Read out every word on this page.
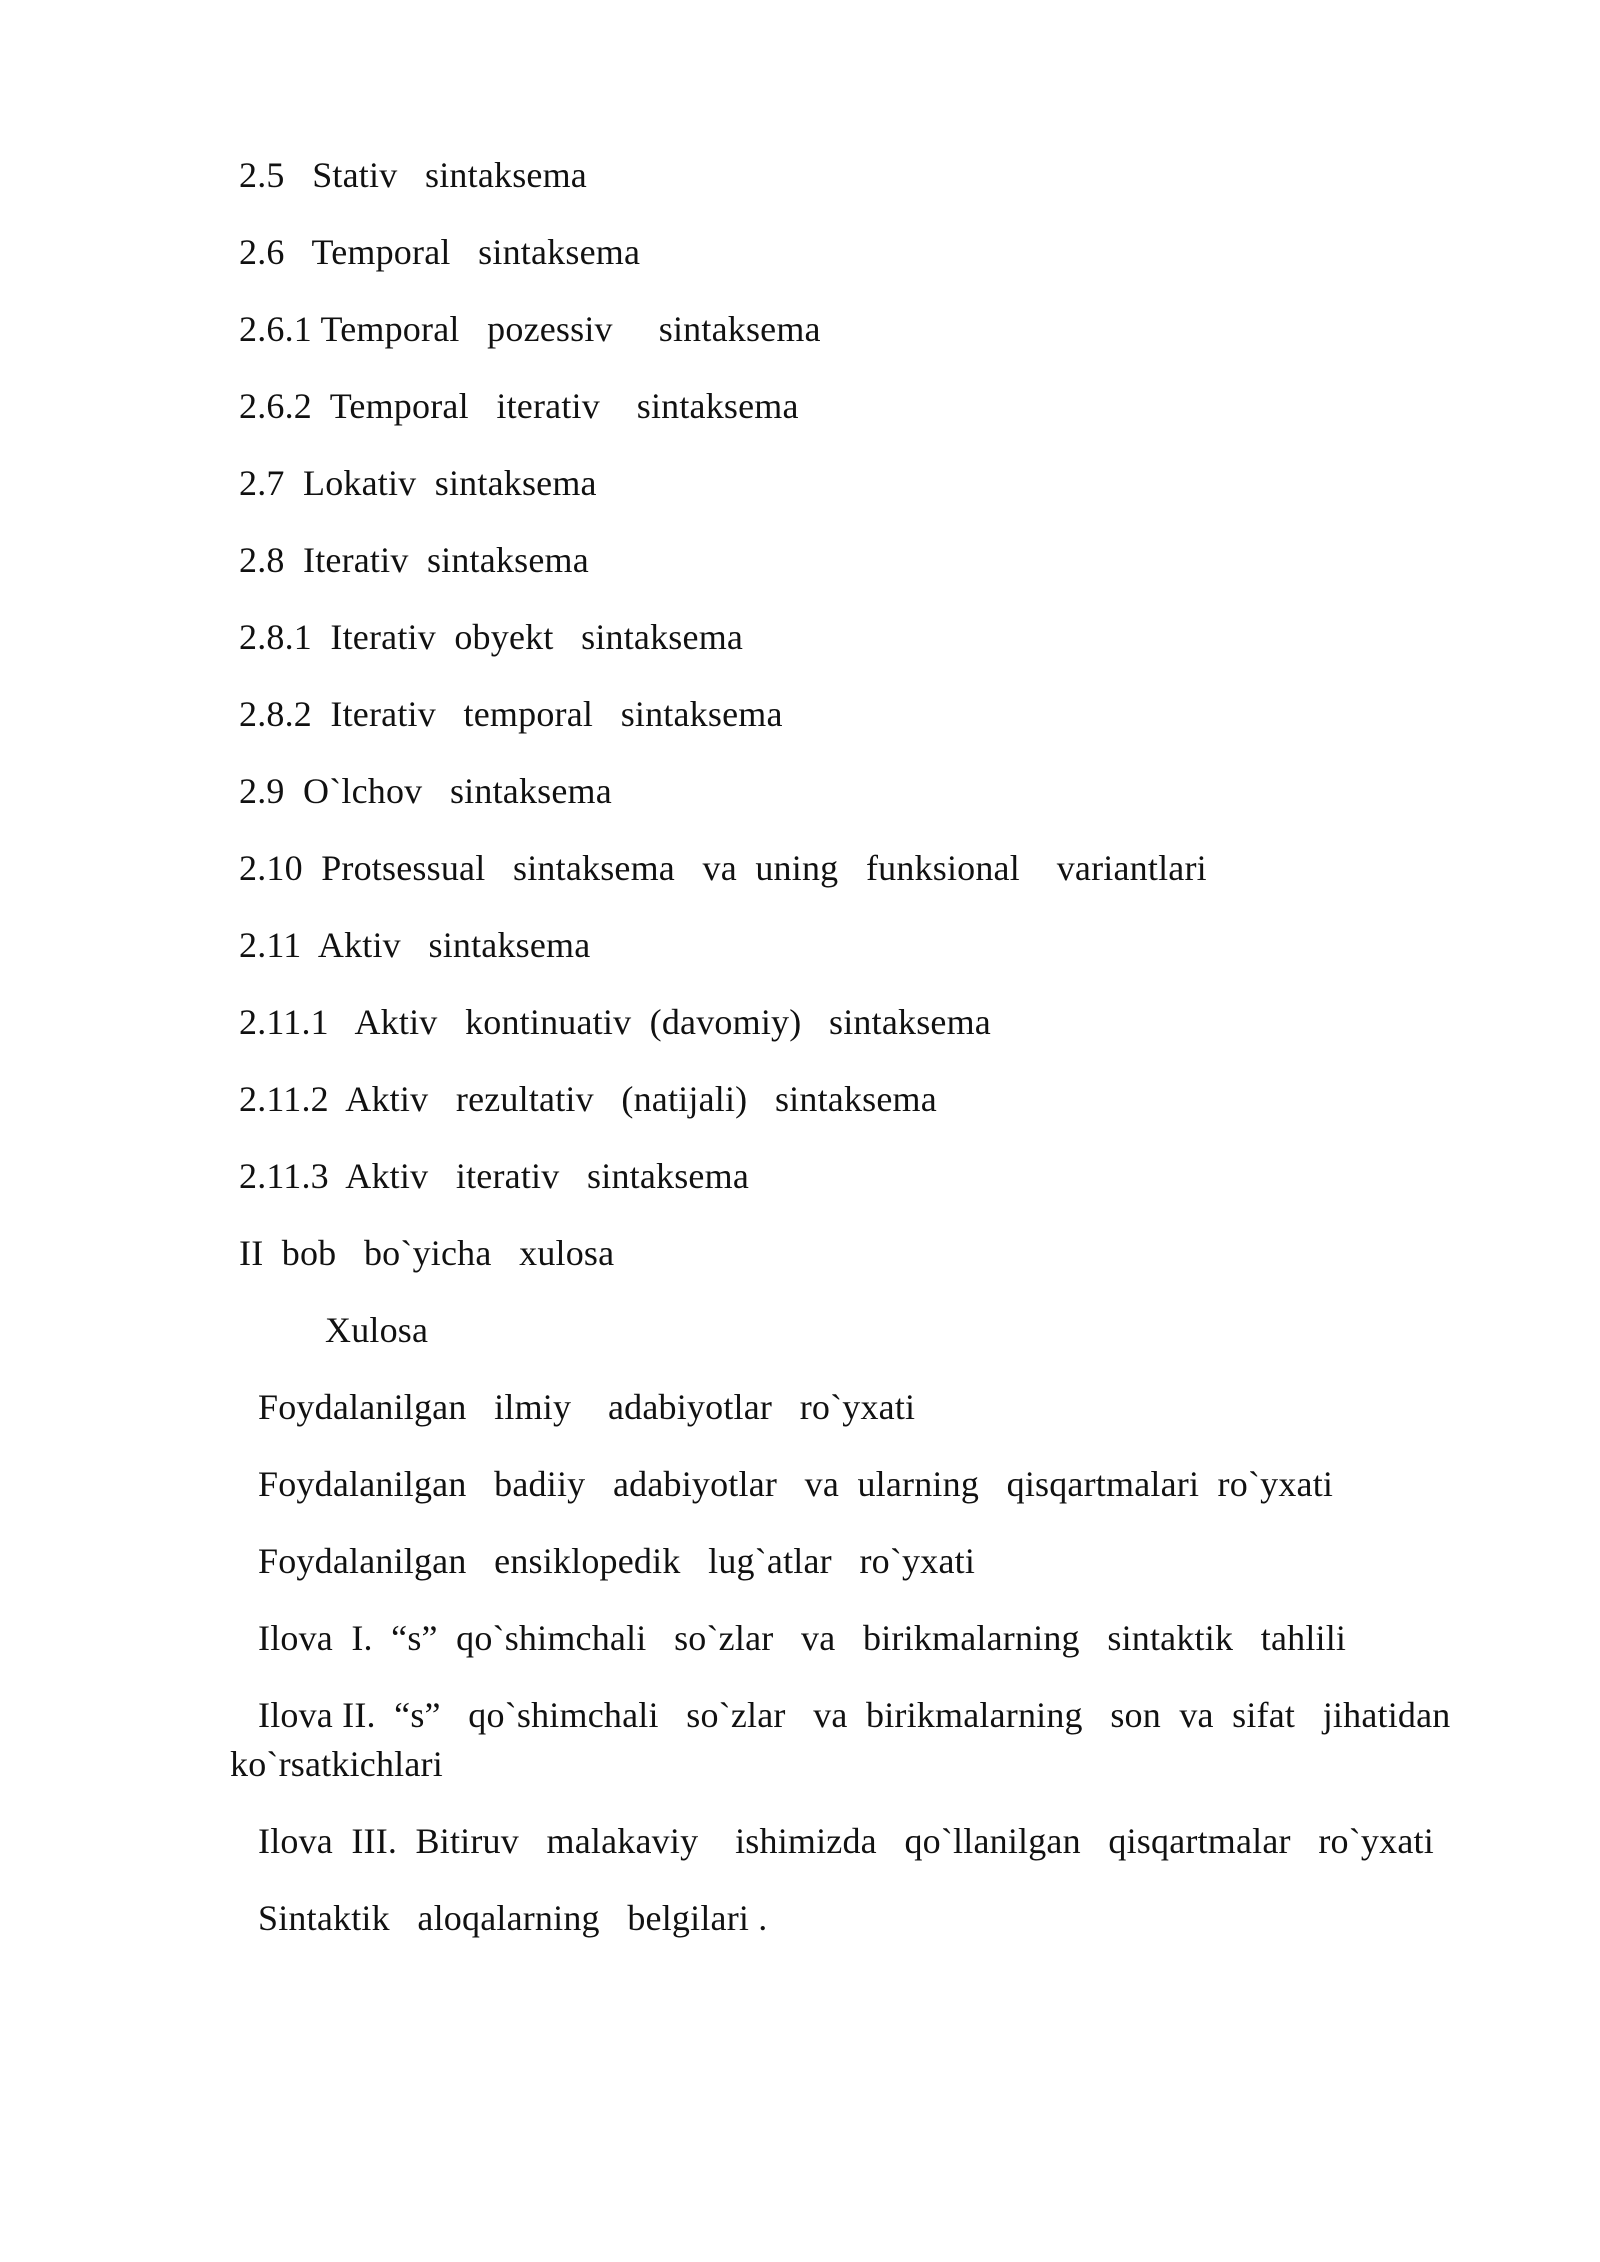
2.5   Stativ   sintaksema
2.6   Temporal   sintaksema
2.6.1 Temporal   pozessiv     sintaksema
2.6.2  Temporal   iterativ    sintaksema
2.7  Lokativ  sintaksema
2.8  Iterativ  sintaksema
2.8.1  Iterativ  obyekt   sintaksema
2.8.2  Iterativ   temporal   sintaksema
2.9  O`lchov   sintaksema
2.10  Protsessual   sintaksema   va  uning   funksional    variantlari
2.11  Aktiv   sintaksema
2.11.1   Aktiv   kontinuativ  (davomiy)   sintaksema
2.11.2  Aktiv   rezultativ   (natijali)   sintaksema
2.11.3  Aktiv   iterativ   sintaksema
II  bob   bo`yicha   xulosa
Xulosa
Foydalanilgan   ilmiy    adabiyotlar   ro`yxati
Foydalanilgan   badiiy   adabiyotlar   va  ularning   qisqartmalari  ro`yxati
Foydalanilgan   ensiklopedik   lug`atlar   ro`yxati
Ilova  I.  “s”  qo`shimchali   so`zlar   va   birikmalarning   sintaktik   tahlili
Ilova II.  “s”   qo`shimchali   so`zlar   va  birikmalarning   son  va  sifat   jihatidan ko`rsatkichlari
Ilova  III.  Bitiruv   malakaviy    ishimizda   qo`llanilgan   qisqartmalar   ro`yxati
Sintaktik   aloqalarning   belgilari .
